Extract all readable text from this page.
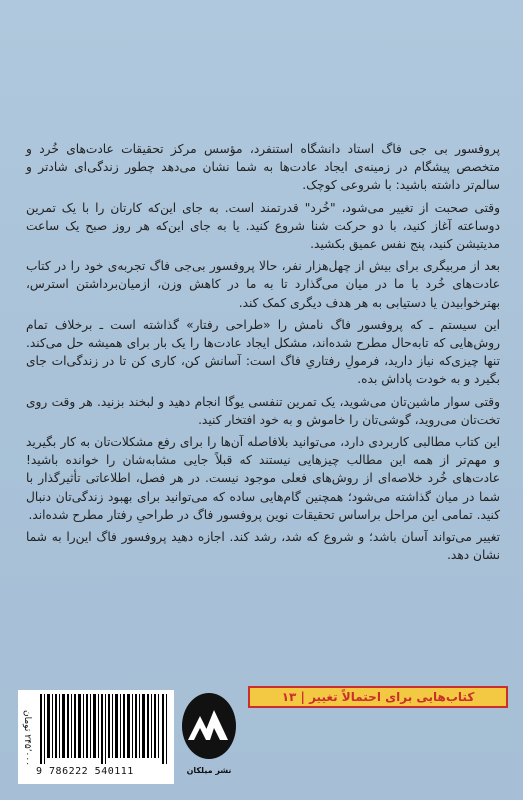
پروفسور بی جی فاگ استاد دانشگاه استنفرد، مؤسس مرکز تحقیقات عادت‌های خُرد و متخصص پیشگام در زمینه‌ی ایجاد عادت‌ها به شما نشان می‌دهد چطور زندگی‌ای شادتر و سالم‌تر داشته باشید: با شروعی کوچک.

وقتی صحبت از تغییر می‌شود، "خُرد" قدرتمند است. به جای این‌که کارتان را با یک تمرین دوساعته آغاز کنید، با دو حرکت شنا شروع کنید. یا به جای این‌که هر روز صبح یک ساعت مدیتیشن کنید، پنج نفس عمیق بکشید.

بعد از مربیگری برای بیش از چهل‌هزار نفر، حالا پروفسور بی‌جی فاگ تجربه‌ی خود را در کتاب عادت‌های خُرد با ما در میان می‌گذارد تا به ما در کاهش وزن، ازمیان‌برداشتن استرس، بهترخوابیدن یا دستیابی به هر هدف دیگری کمک کند.

این سیستم ـ که پروفسور فاگ نامش را «طراحی رفتار» گذاشته است ـ برخلاف تمام روش‌هایی که تابه‌حال مطرح شده‌اند، مشکل ایجاد عادت‌ها را یک بار برای همیشه حل می‌کند. تنها چیزی‌که نیاز دارید، فرمولِ رفتاریِ فاگ است: آسانش کن، کاری کن تا در زندگی‌ات جای بگیرد و به خودت پاداش بده.

وقتی سوار ماشین‌تان می‌شوید، یک تمرین تنفسی یوگا انجام دهید و لبخند بزنید. هر وقت روی تخت‌تان می‌روید، گوشی‌تان را خاموش و به خود افتخار کنید.

این کتاب مطالبی کاربردی دارد، می‌توانید بلافاصله آن‌ها را برای رفع مشکلات‌تان به کار بگیرید و مهم‌تر از همه این مطالب چیزهایی نیستند که قبلاً جایی مشابه‌شان را خوانده باشید! عادت‌های خُرد خلاصه‌ای از روش‌های فعلی موجود نیست. در هر فصل، اطلاعاتی تأثیرگذار با شما در میان گذاشته می‌شود؛ همچنین گام‌هایی ساده که می‌توانید برای بهبود زندگی‌تان دنبال کنید. تمامی این مراحل براساس تحقیقات نوین پروفسور فاگ در طراحیِ رفتار مطرح شده‌اند.

تغییر می‌تواند آسان باشد؛ و شروع که شد، رشد کند. اجازه دهید پروفسور فاگ این‌را به شما نشان دهد.

کتاب‌هایی برای احتمالاً تغییر | ۱۳
نشر میلکان
۲۴۵٬۰۰۰ تومان
9 786222 540111
